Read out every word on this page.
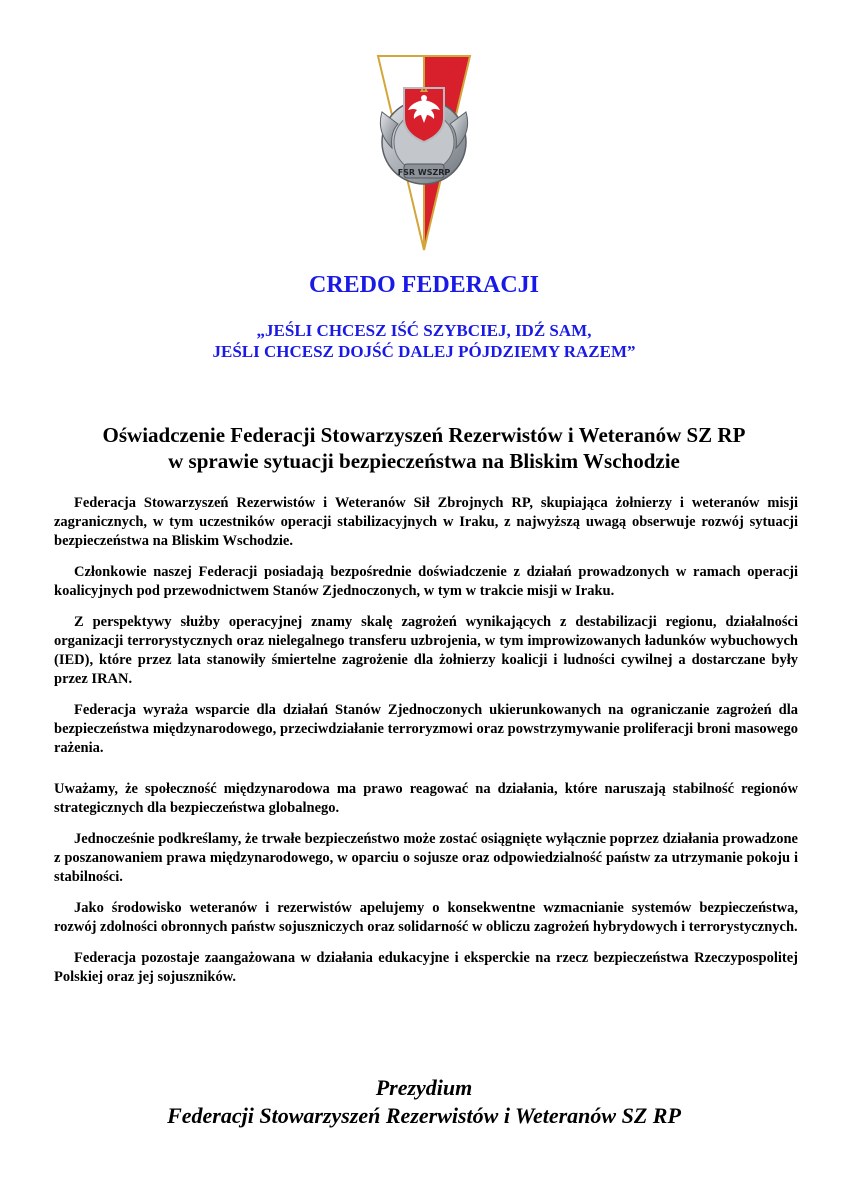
FSR WSZRP
CREDO FEDERACJI
„JEŚLI CHCESZ IŚĆ SZYBCIEJ, IDŹ SAM,
JEŚLI CHCESZ DOJŚĆ DALEJ PÓJDZIEMY RAZEM”
Oświadczenie Federacji Stowarzyszeń Rezerwistów i Weteranów SZ RP
w sprawie sytuacji bezpieczeństwa na Bliskim Wschodzie

Federacja Stowarzyszeń Rezerwistów i Weteranów Sił Zbrojnych RP, skupiająca żołnierzy i weteranów misji zagranicznych, w tym uczestników operacji stabilizacyjnych w Iraku, z najwyższą uwagą obserwuje rozwój sytuacji bezpieczeństwa na Bliskim Wschodzie.

Członkowie naszej Federacji posiadają bezpośrednie doświadczenie z działań prowadzonych w ramach operacji koalicyjnych pod przewodnictwem Stanów Zjednoczonych, w tym w trakcie misji w Iraku.

Z perspektywy służby operacyjnej znamy skalę zagrożeń wynikających z destabilizacji regionu, działalności organizacji terrorystycznych oraz nielegalnego transferu uzbrojenia, w tym improwizowanych ładunków wybuchowych (IED), które przez lata stanowiły śmiertelne zagrożenie dla żołnierzy koalicji i ludności cywilnej a dostarczane były przez IRAN.

Federacja wyraża wsparcie dla działań Stanów Zjednoczonych ukierunkowanych na ograniczanie zagrożeń dla bezpieczeństwa międzynarodowego, przeciwdziałanie terroryzmowi oraz powstrzymywanie proliferacji broni masowego rażenia.

Uważamy, że społeczność międzynarodowa ma prawo reagować na działania, które naruszają stabilność regionów strategicznych dla bezpieczeństwa globalnego.

Jednocześnie podkreślamy, że trwałe bezpieczeństwo może zostać osiągnięte wyłącznie poprzez działania prowadzone z poszanowaniem prawa międzynarodowego, w oparciu o sojusze oraz odpowiedzialność państw za utrzymanie pokoju i stabilności.

Jako środowisko weteranów i rezerwistów apelujemy o konsekwentne wzmacnianie systemów bezpieczeństwa, rozwój zdolności obronnych państw sojuszniczych oraz solidarność w obliczu zagrożeń hybrydowych i terrorystycznych.

Federacja pozostaje zaangażowana w działania edukacyjne i eksperckie na rzecz bezpieczeństwa Rzeczypospolitej Polskiej oraz jej sojuszników.

Prezydium
Federacji Stowarzyszeń Rezerwistów i Weteranów SZ RP
